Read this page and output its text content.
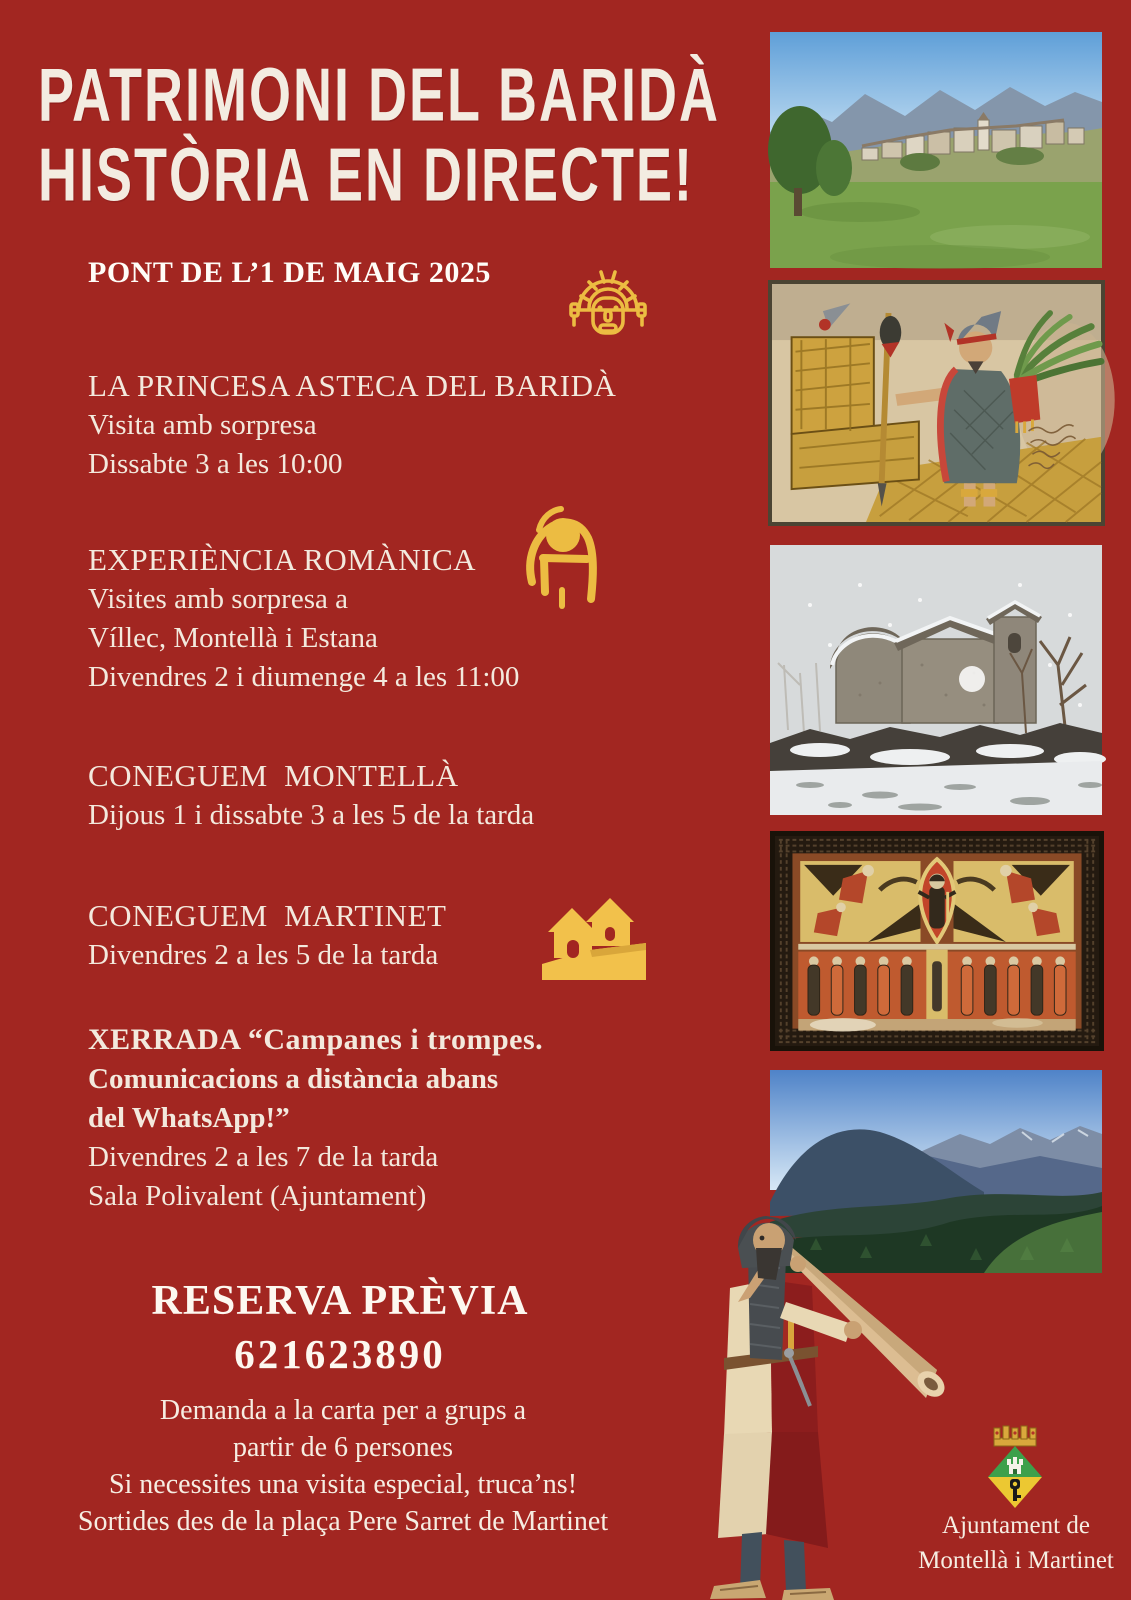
PATRIMONI DEL BARIDÀ
HISTÒRIA EN DIRECTE!
PONT DE L’1 DE MAIG 2025
LA PRINCESA ASTECA DEL BARIDÀ
Visita amb sorpresa
Dissabte 3 a les 10:00
EXPERIÈNCIA ROMÀNICA
Visites amb sorpresa a
Víllec, Montellà i Estana
Divendres 2 i diumenge 4 a les 11:00
CONEGUEM  MONTELLÀ
Dijous 1 i dissabte 3 a les 5 de la tarda
CONEGUEM  MARTINET
Divendres 2 a les 5 de la tarda
XERRADA “Campanes i trompes.
Comunicacions a distància abans
del WhatsApp!”
Divendres 2 a les 7 de la tarda
Sala Polivalent (Ajuntament)
RESERVA PRÈVIA
621623890
Demanda a la carta per a grups a
partir de 6 persones
Si necessites una visita especial, truca’ns!
Sortides des de la plaça Pere Sarret de Martinet	Ajuntament de
Montellà i Martinet
